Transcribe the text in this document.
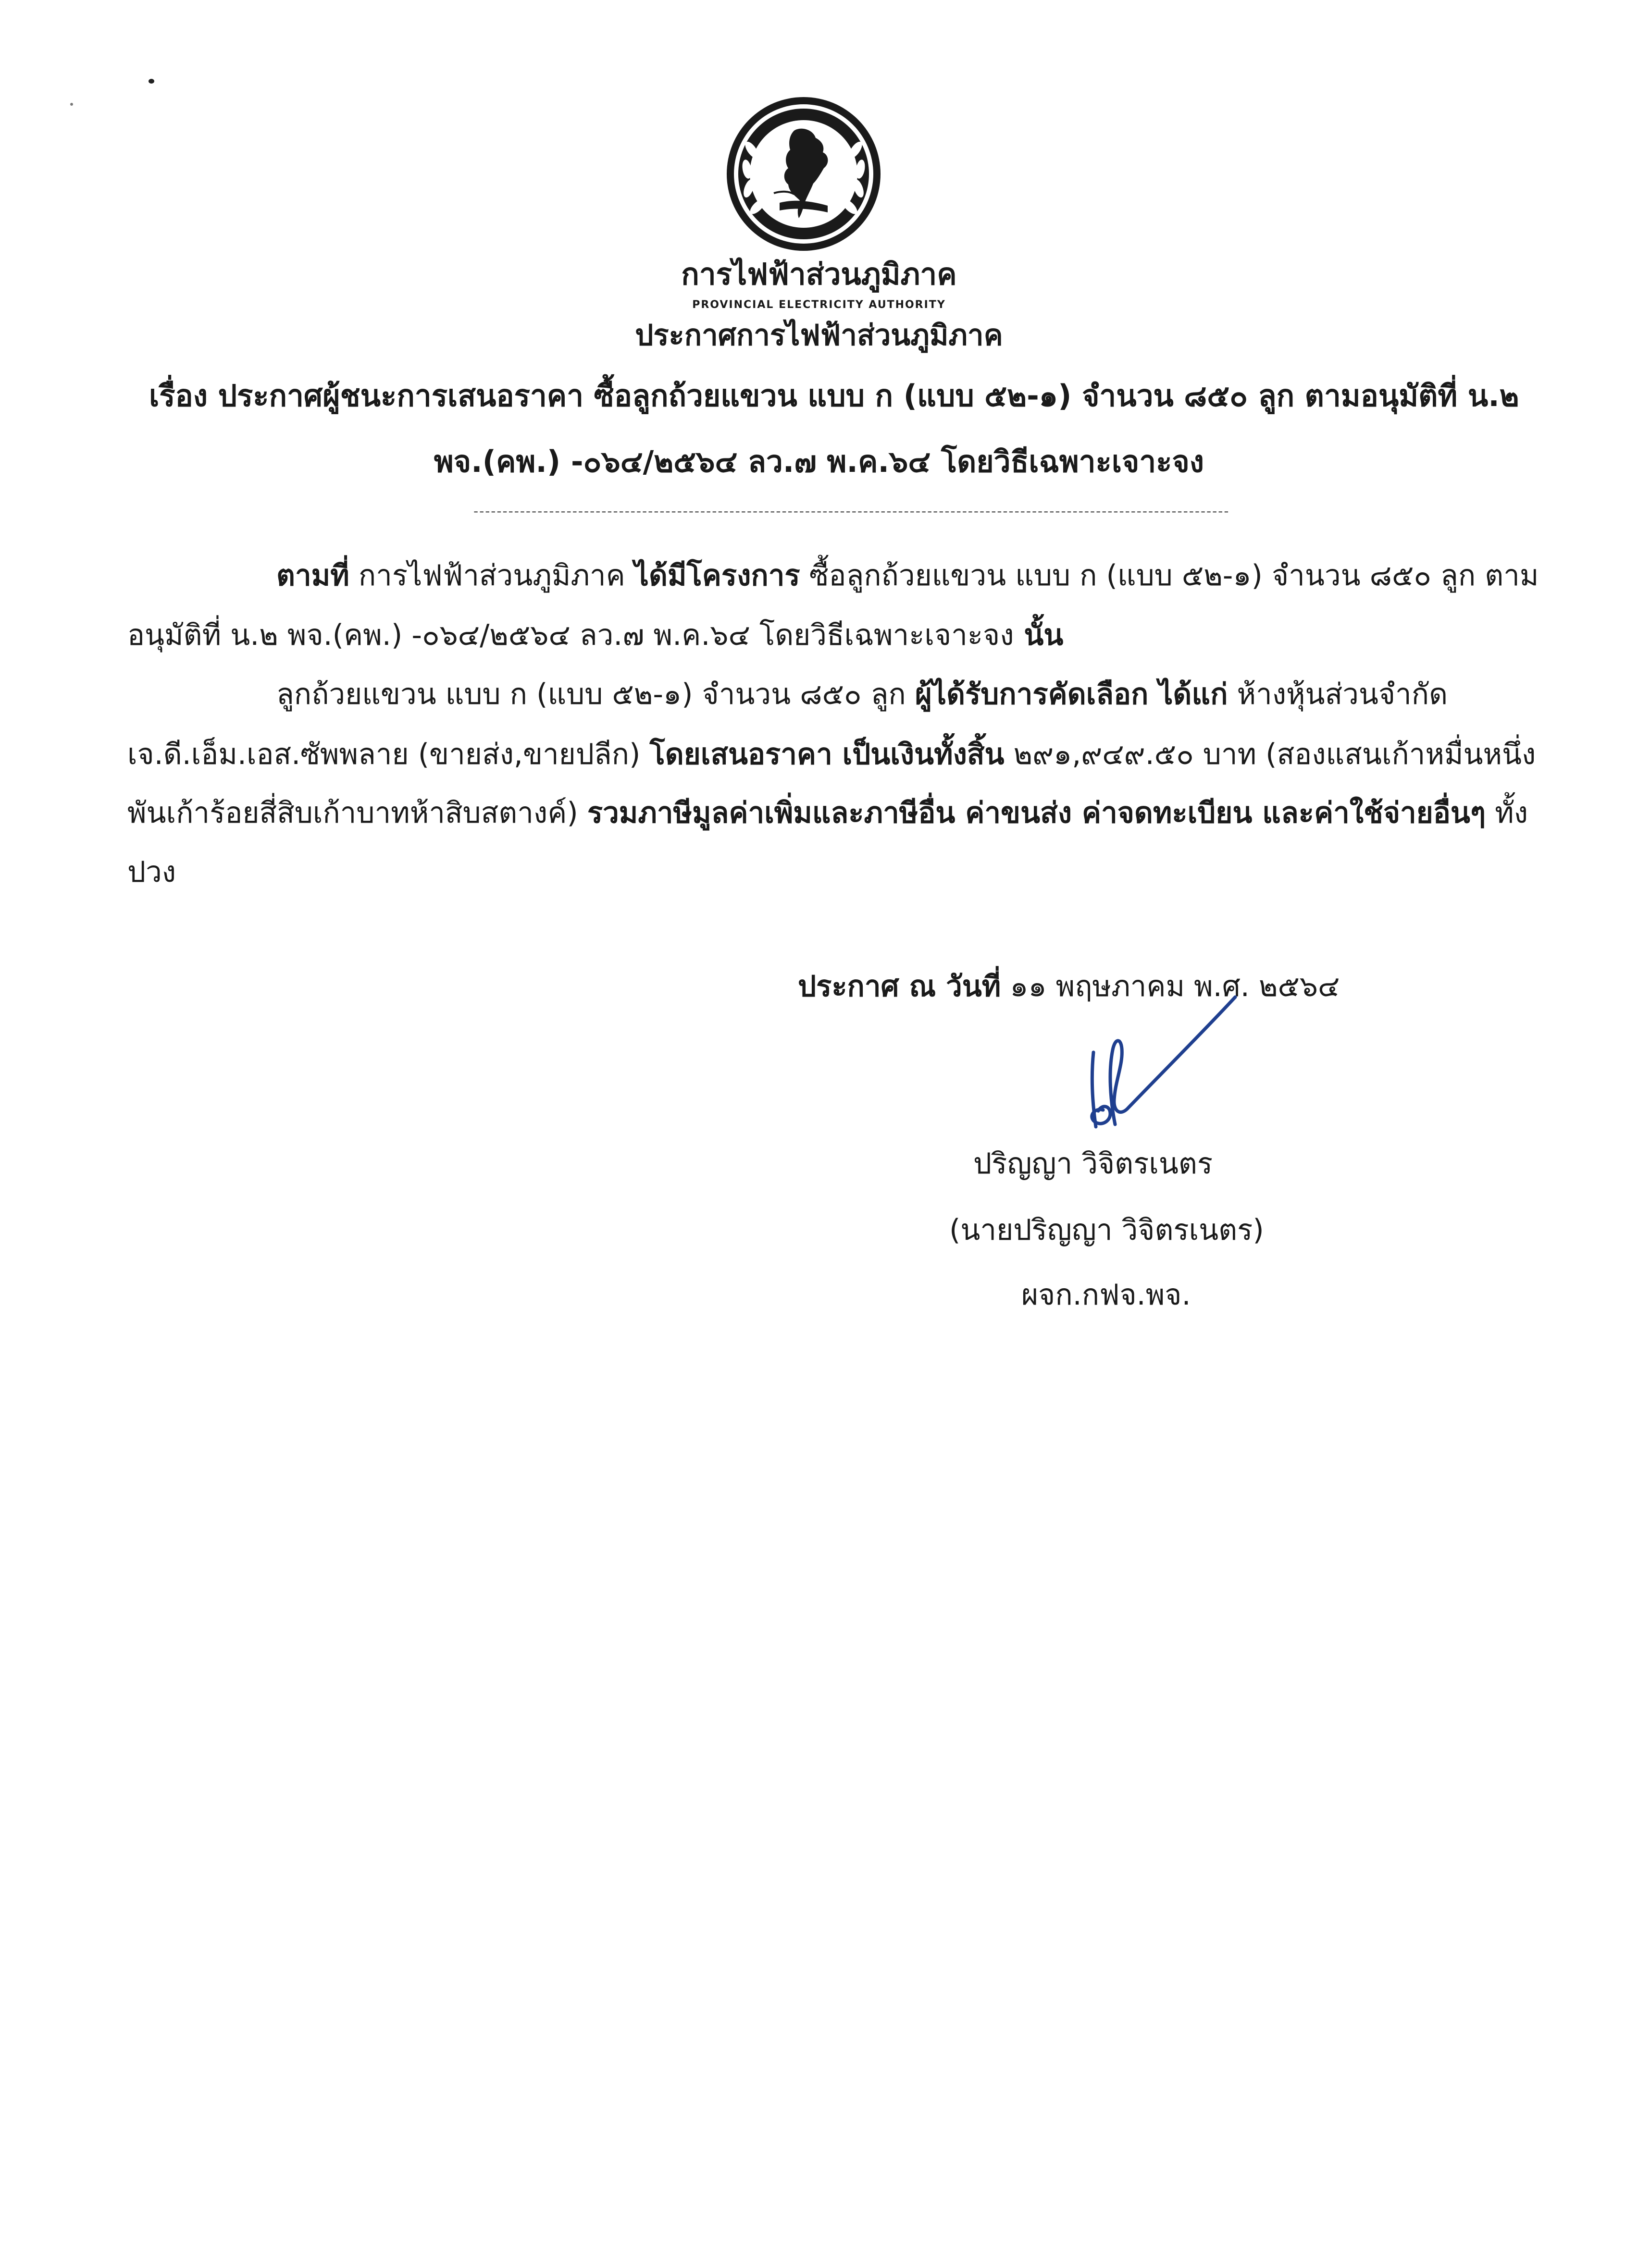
การไฟฟ้าส่วนภูมิภาค
PROVINCIAL ELECTRICITY AUTHORITY
ประกาศการไฟฟ้าส่วนภูมิภาค
เรื่อง ประกาศผู้ชนะการเสนอราคา ซื้อลูกถ้วยแขวน แบบ ก (แบบ ๕๒-๑) จำนวน ๘๕๐ ลูก ตามอนุมัติที่ น.๒
พจ.(คพ.) -๐๖๔/๒๕๖๔ ลว.๗ พ.ค.๖๔ โดยวิธีเฉพาะเจาะจง
----------------------------------------------------------------------------------------------------------------------------------
ตามที่ การไฟฟ้าส่วนภูมิภาค ได้มีโครงการ ซื้อลูกถ้วยแขวน แบบ ก (แบบ ๕๒-๑) จำนวน ๘๕๐ ลูก ตาม
อนุมัติที่ น.๒ พจ.(คพ.) -๐๖๔/๒๕๖๔ ลว.๗ พ.ค.๖๔ โดยวิธีเฉพาะเจาะจง นั้น
ลูกถ้วยแขวน แบบ ก (แบบ ๕๒-๑) จำนวน ๘๕๐ ลูก ผู้ได้รับการคัดเลือก ได้แก่ ห้างหุ้นส่วนจำกัด
เจ.ดี.เอ็ม.เอส.ซัพพลาย (ขายส่ง,ขายปลีก) โดยเสนอราคา เป็นเงินทั้งสิ้น ๒๙๑,๙๔๙.๕๐ บาท (สองแสนเก้าหมื่นหนึ่ง
พันเก้าร้อยสี่สิบเก้าบาทห้าสิบสตางค์) รวมภาษีมูลค่าเพิ่มและภาษีอื่น ค่าขนส่ง ค่าจดทะเบียน และค่าใช้จ่ายอื่นๆ ทั้ง
ปวง
ประกาศ ณ วันที่ ๑๑ พฤษภาคม พ.ศ. ๒๕๖๔
ปริญญา วิจิตรเนตร
(นายปริญญา วิจิตรเนตร)
ผจก.กฟจ.พจ.
